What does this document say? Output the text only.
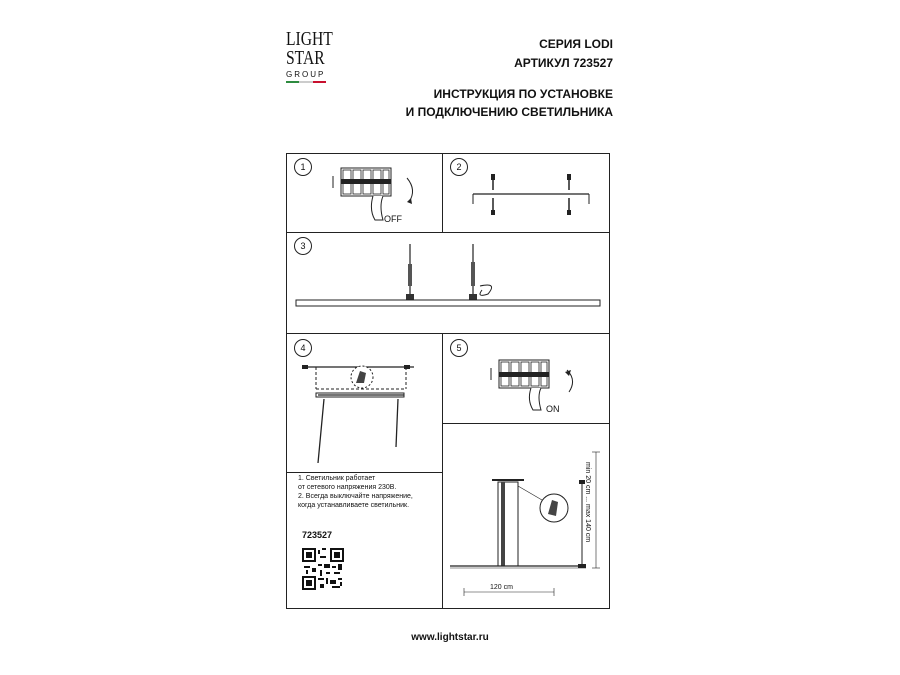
LIGHT
STAR
GROUP
СЕРИЯ LODI
АРТИКУЛ 723527
ИНСТРУКЦИЯ ПО УСТАНОВКЕ
И ПОДКЛЮЧЕНИЮ СВЕТИЛЬНИКА
1	2
3
4	5
OFF
ON
min 20 cm ... max 140 cm
120 cm
1. Светильник работает
от сетевого напряжения 230В.
2. Всегда выключайте напряжение,
когда устанавливаете светильник.
723527
www.lightstar.ru
